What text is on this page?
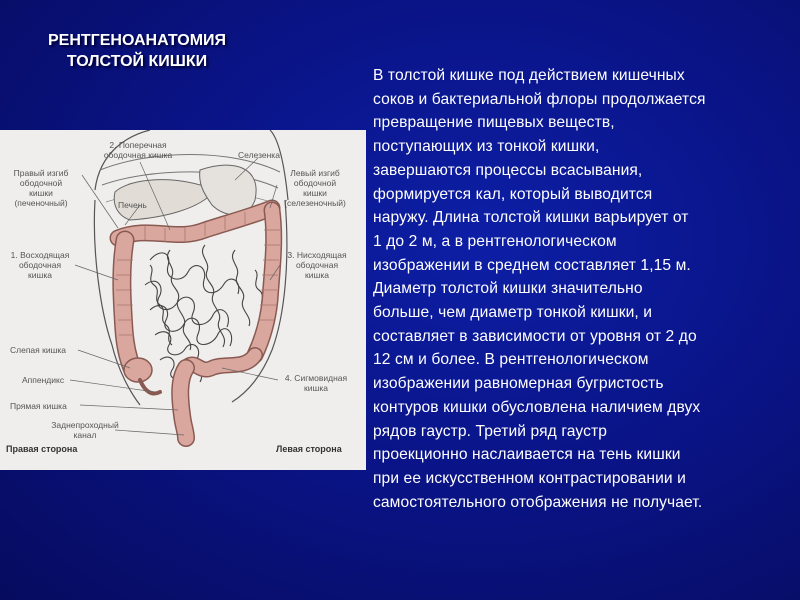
РЕНТГЕНОАНАТОМИЯ
ТОЛСТОЙ КИШКИ
2. Поперечная
ободочная кишка	Селезенка
Правый изгиб
ободочной
кишки
(печеночный)	Печень
Левый изгиб
ободочной
кишки
(селезеночный)
1. Восходящая
ободочная
кишка
3. Нисходящая
ободочная
кишка
Слепая кишка
Аппендикс	4. Сигмовидная
кишка
Прямая кишка
Заднепроходный
канал
Правая сторона	Левая сторона
В толстой кишке под действием кишечных
соков и бактериальной флоры продолжается
превращение пищевых веществ,
поступающих из тонкой кишки,
завершаются процессы всасывания,
формируется кал, который выводится
наружу. Длина толстой кишки варьирует от
1 до 2 м, а в рентгенологическом
изображении в среднем составляет 1,15 м.
Диаметр толстой кишки значительно
больше, чем диаметр тонкой кишки, и
составляет в зависимости от уровня от 2 до
12 см и более. В рентгенологическом
изображении равномерная бугристость
контуров кишки обусловлена наличием двух
рядов гаустр. Третий ряд гаустр
проекционно наслаивается на тень кишки
при ее искусственном контрастировании и
самостоятельного отображения не получает.
